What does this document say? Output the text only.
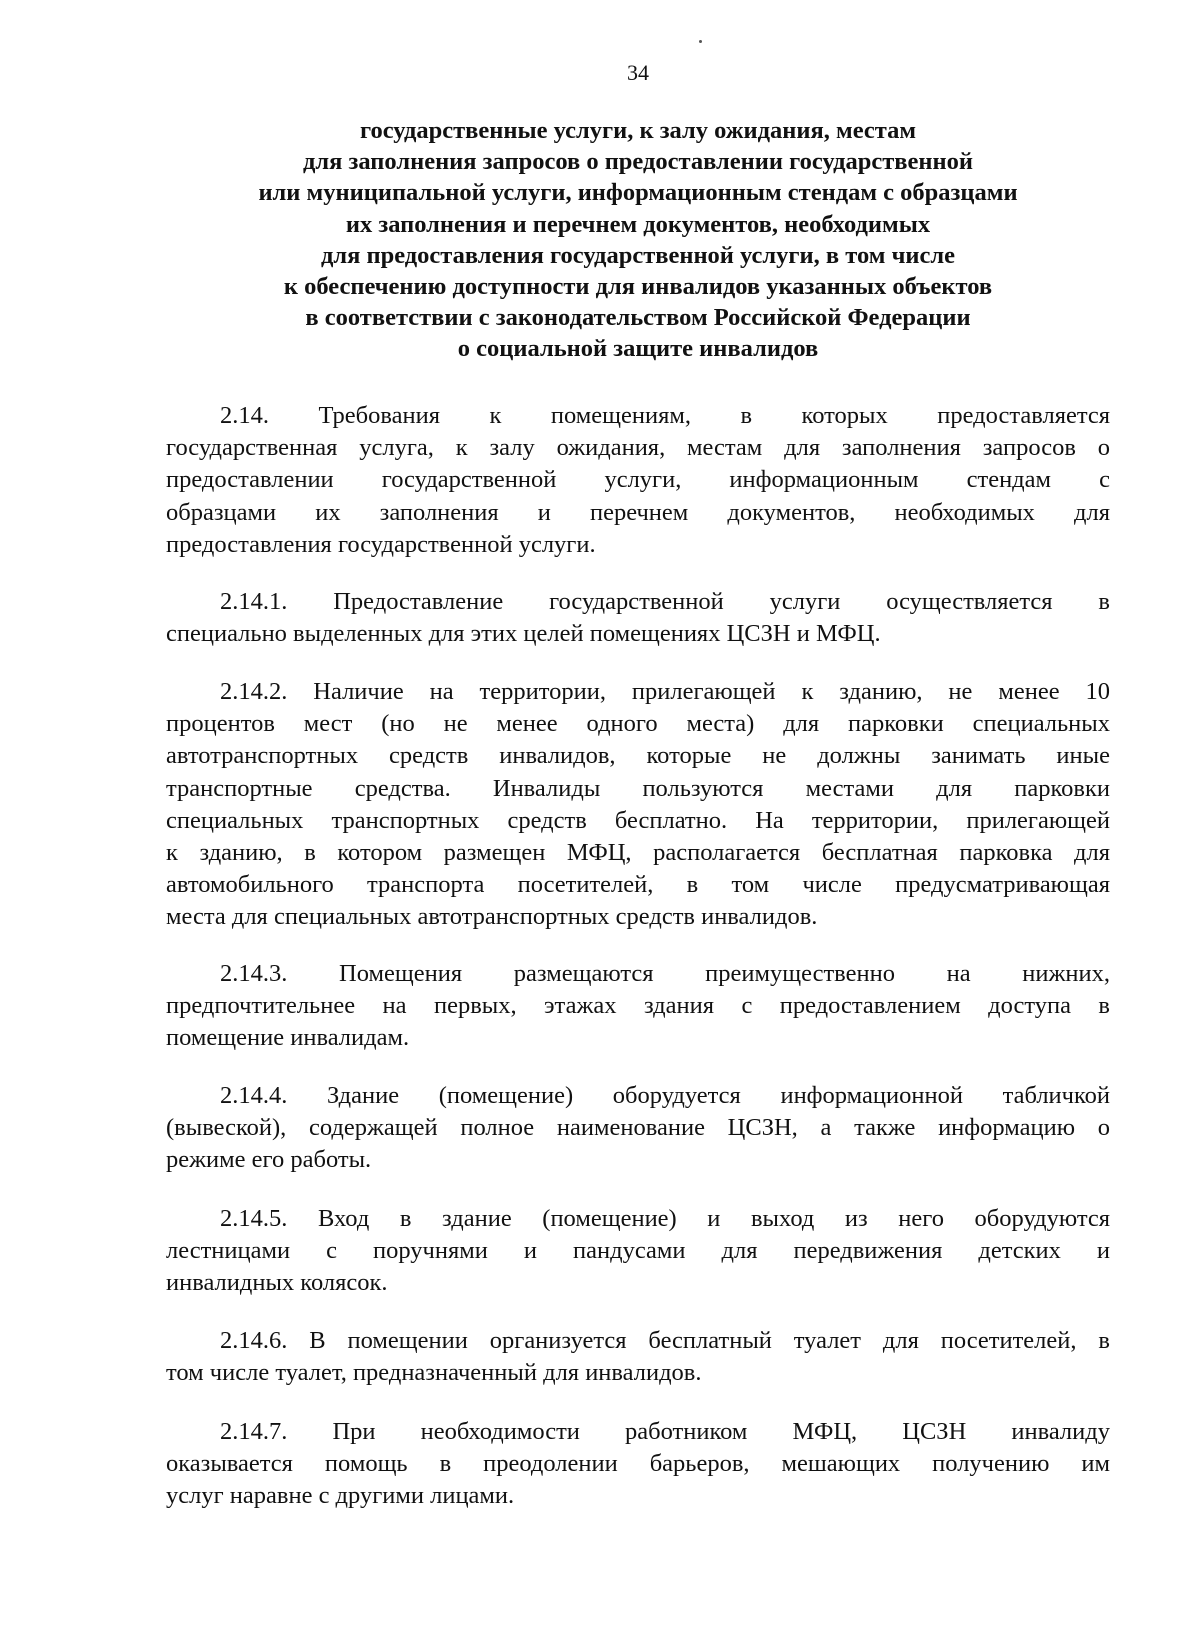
34
государственные услуги, к залу ожидания, местам
для заполнения запросов о предоставлении государственной
или муниципальной услуги, информационным стендам с образцами
их заполнения и перечнем документов, необходимых
для предоставления государственной услуги, в том числе
к обеспечению доступности для инвалидов указанных объектов
в соответствии с законодательством Российской Федерации
о социальной защите инвалидов
2.14. Требования к помещениям, в которых предоставляется
государственная услуга, к залу ожидания, местам для заполнения запросов о
предоставлении государственной услуги, информационным стендам с
образцами их заполнения и перечнем документов, необходимых для
предоставления государственной услуги.
2.14.1. Предоставление государственной услуги осуществляется в
специально выделенных для этих целей помещениях ЦСЗН и МФЦ.
2.14.2. Наличие на территории, прилегающей к зданию, не менее 10
процентов мест (но не менее одного места) для парковки специальных
автотранспортных средств инвалидов, которые не должны занимать иные
транспортные средства. Инвалиды пользуются местами для парковки
специальных транспортных средств бесплатно. На территории, прилегающей
к зданию, в котором размещен МФЦ, располагается бесплатная парковка для
автомобильного транспорта посетителей, в том числе предусматривающая
места для специальных автотранспортных средств инвалидов.
2.14.3. Помещения размещаются преимущественно на нижних,
предпочтительнее на первых, этажах здания с предоставлением доступа в
помещение инвалидам.
2.14.4. Здание (помещение) оборудуется информационной табличкой
(вывеской), содержащей полное наименование ЦСЗН, а также информацию о
режиме его работы.
2.14.5. Вход в здание (помещение) и выход из него оборудуются
лестницами с поручнями и пандусами для передвижения детских и
инвалидных колясок.
2.14.6. В помещении организуется бесплатный туалет для посетителей, в
том числе туалет, предназначенный для инвалидов.
2.14.7. При необходимости работником МФЦ, ЦСЗН инвалиду
оказывается помощь в преодолении барьеров, мешающих получению им
услуг наравне с другими лицами.
